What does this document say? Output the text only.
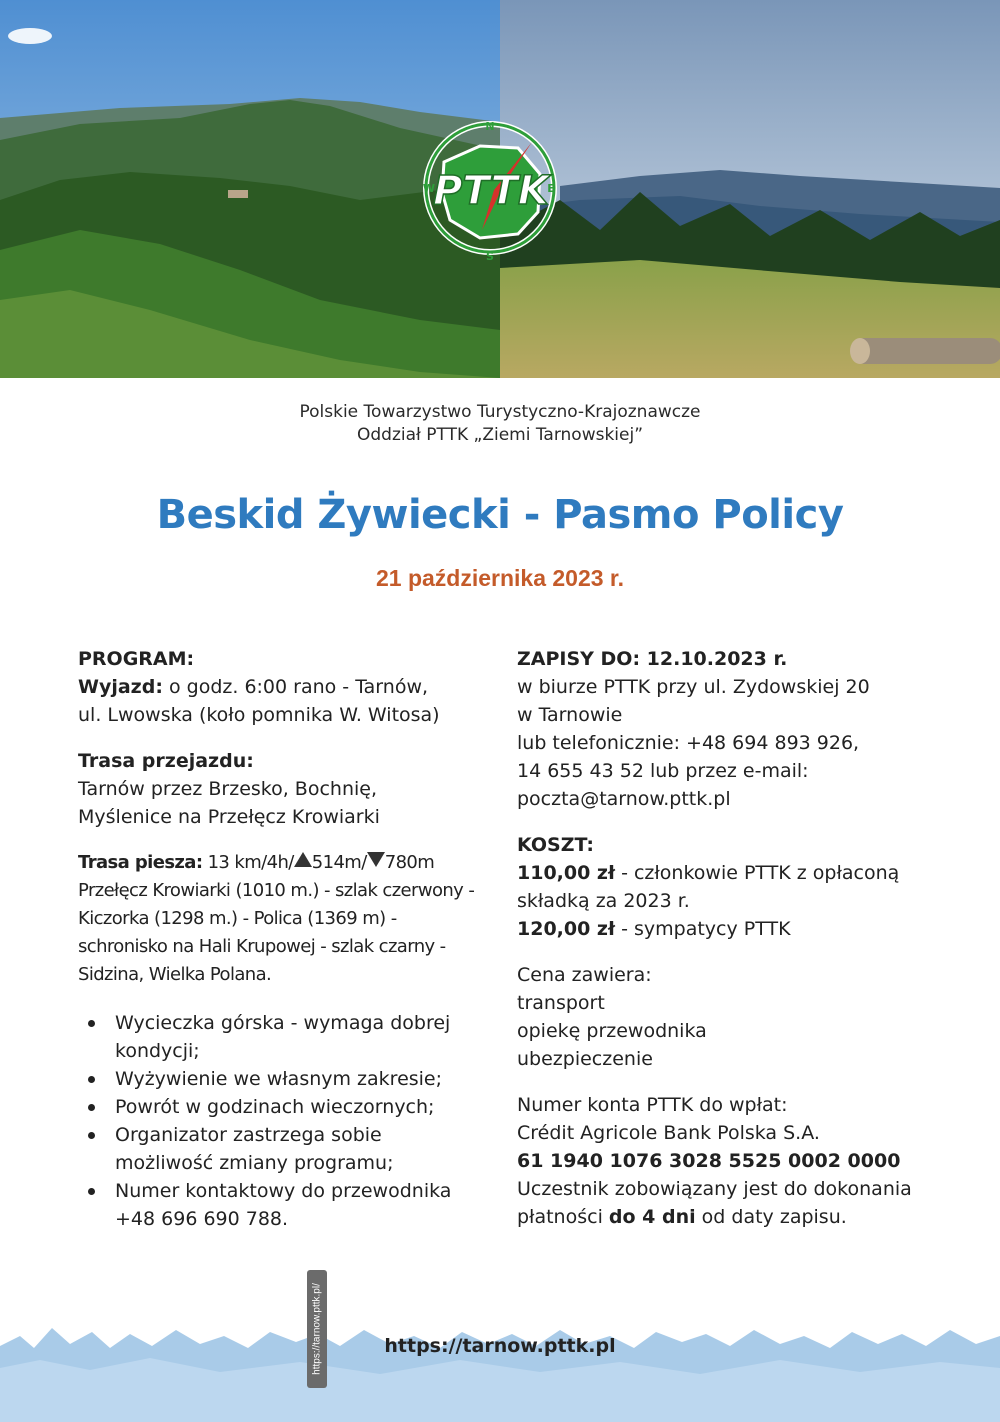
N
S
W	E
PTTK
Polskie Towarzystwo Turystyczno-Krajoznawcze
Oddział PTTK „Ziemi Tarnowskiej”
Beskid Żywiecki - Pasmo Policy
21 października 2023 r.
PROGRAM:
Wyjazd: o godz. 6:00 rano - Tarnów,
ul. Lwowska (koło pomnika W. Witosa)
Trasa przejazdu:
Tarnów przez Brzesko, Bochnię,
Myślenice na Przełęcz Krowiarki
Trasa piesza: 13 km/4h/ 514m/ 780m
Przełęcz Krowiarki (1010 m.) - szlak czerwony - Kiczorka (1298 m.) - Polica (1369 m) - schronisko na Hali Krupowej - szlak czarny - Sidzina, Wielka Polana.
Wycieczka górska - wymaga dobrej kondycji;
Wyżywienie we własnym zakresie;
Powrót w godzinach wieczornych;
Organizator zastrzega sobie możliwość zmiany programu;
Numer kontaktowy do przewodnika +48 696 690 788.
ZAPISY DO: 12.10.2023 r.
w biurze PTTK przy ul. Zydowskiej 20
w Tarnowie
lub telefonicznie: +48 694 893 926,
14 655 43 52 lub przez e-mail:
poczta@tarnow.pttk.pl
KOSZT:
110,00 zł - członkowie PTTK z opłaconą składką za 2023 r.
120,00 zł - sympatycy PTTK
Cena zawiera:
transport
opiekę przewodnika
ubezpieczenie
Numer konta PTTK do wpłat:
Crédit Agricole Bank Polska S.A.
61 1940 1076 3028 5525 0002 0000
Uczestnik zobowiązany jest do dokonania płatności do 4 dni od daty zapisu.
https://tarnow.pttk.pl/	https://tarnow.pttk.pl
